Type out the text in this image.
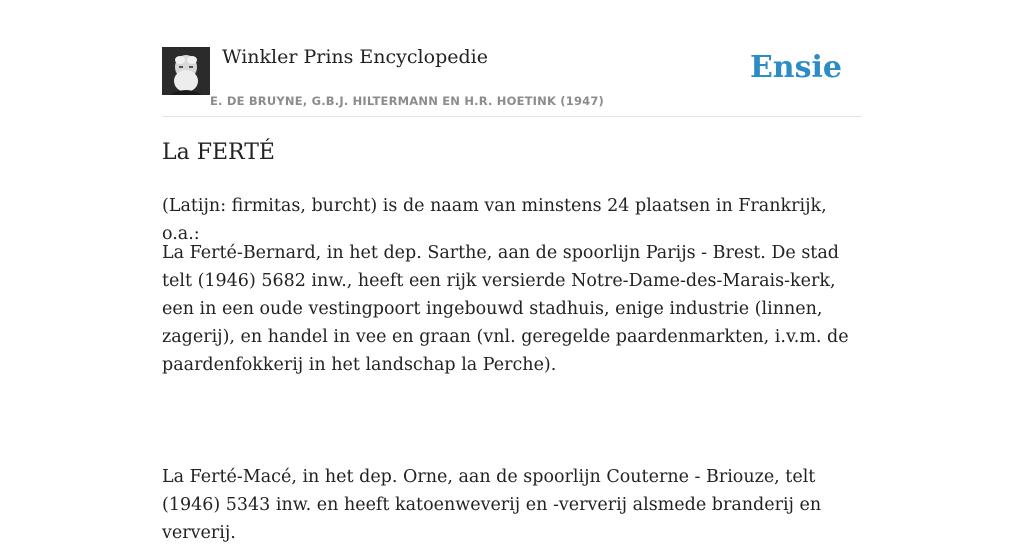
Winkler Prins Encyclopedie
E. DE BRUYNE, G.B.J. HILTERMANN EN H.R. HOETINK (1947)
Ensie
La FERTÉ

(Latijn: firmitas, burcht) is de naam van minstens 24 plaatsen in Frankrijk, o.a.:

La Ferté-Bernard, in het dep. Sarthe, aan de spoorlijn Parijs - Brest. De stad telt (1946) 5682 inw., heeft een rijk versierde Notre-Dame-des-Marais-kerk, een in een oude vestingpoort ingebouwd stadhuis, enige industrie (linnen, zagerij), en handel in vee en graan (vnl. geregelde paardenmarkten, i.v.m. de paardenfokkerij in het landschap la Perche).

La Ferté-Macé, in het dep. Orne, aan de spoorlijn Couterne - Briouze, telt (1946) 5343 inw. en heeft katoenweverij en -ververij alsmede branderij en ververij.
